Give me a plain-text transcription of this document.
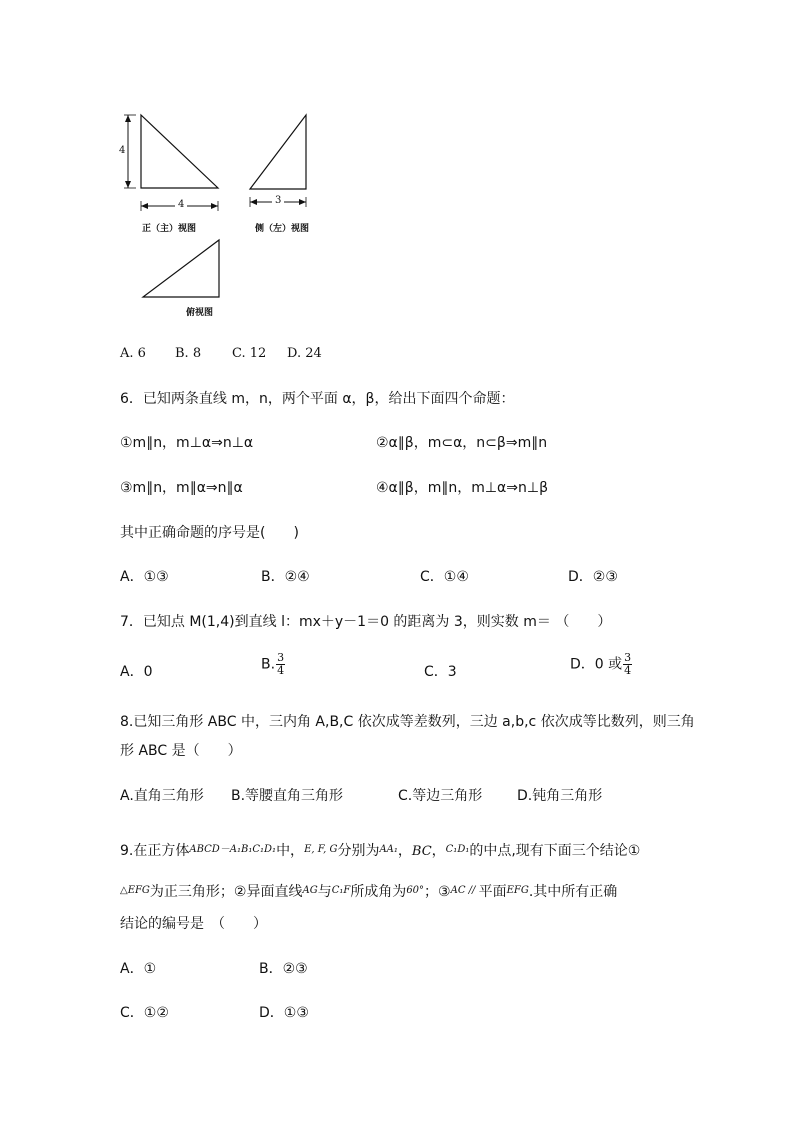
4
4	3
正（主）视图	侧（左）视图
俯视图
A. 6 B. 8 C. 12 D. 24
6．已知两条直线 m，n，两个平面 α，β，给出下面四个命题：
①m∥n，m⊥α⇒n⊥α	②α∥β，m⊂α，n⊂β⇒m∥n
③m∥n，m∥α⇒n∥α	④α∥β，m∥n，m⊥α⇒n⊥β
其中正确命题的序号是(　　)
A．①③	B．②④	C．①④	D．②③
7．已知点 M(1,4)到直线 l：mx＋y－1＝0 的距离为 3，则实数 m＝ （　　）
A．0	B. $\frac{3}{4}$	C．3	D．0 或 $\frac{3}{4}$
8.已知三角形 ABC 中，三内角 A,B,C 依次成等差数列，三边 a,b,c 依次成等比数列，则三角
形 ABC 是（　　）
A.直角三角形 B.等腰直角三角形	C.等边三角形 D.钝角三角形
9.在正方体$^{ABCD-A_1B_1C_1D_1}$中，$^{E, F, G}$分别为$^{AA_1}$，BC，$^{C_1D_1}$的中点,现有下面三个结论①
$^{\triangle EFG}$为正三角形；②异面直线$^{AG}$与$^{C_1F}$所成角为$^{60^\circ}$；③$^{AC //}$ 平面$^{EFG}$.其中所有正确
结论的编号是　（　　）
A．①	B．②③
C．①②	D．①③
